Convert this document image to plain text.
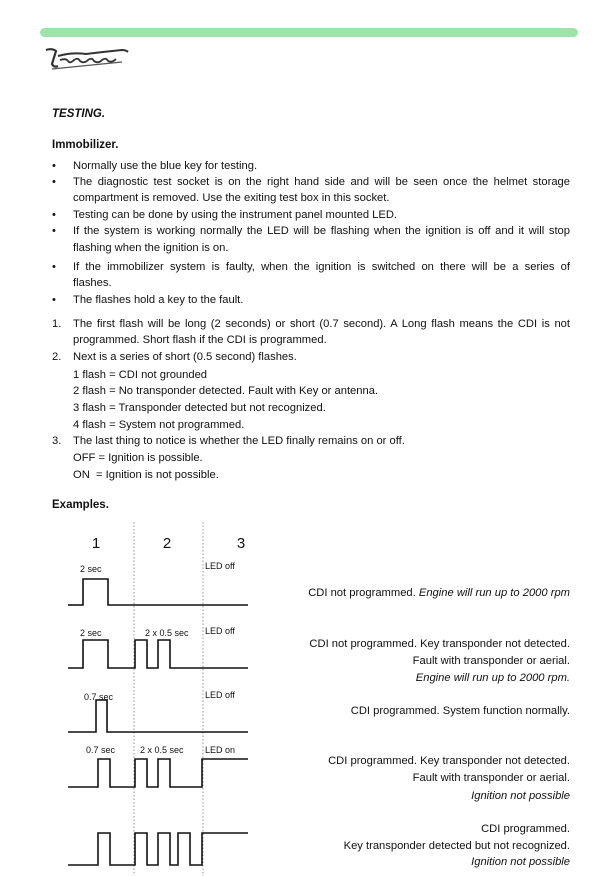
TESTING.
Immobilizer.
• Normally use the blue key for testing.
• The diagnostic test socket is on the right hand side and will be seen once the helmet storage
compartment is removed. Use the exiting test box in this socket.
• Testing can be done by using the instrument panel mounted LED.
• If the system is working normally the LED will be flashing when the ignition is off and it will stop
flashing when the ignition is on.
• If the immobilizer system is faulty, when the ignition is switched on there will be a series of
flashes.
• The flashes hold a key to the fault.
1. The first flash will be long (2 seconds) or short (0.7 second). A Long flash means the CDI is not
programmed. Short flash if the CDI is programmed.
2. Next is a series of short (0.5 second) flashes.
1 flash = CDI not grounded
2 flash = No transponder detected. Fault with Key or antenna.
3 flash = Transponder detected but not recognized.
4 flash = System not programmed.
3. The last thing to notice is whether the LED finally remains on or off.
OFF = Ignition is possible.
ON  = Ignition is not possible.
Examples.
1	2	3
2 sec	LED off
2 sec	2 x 0.5 sec LED off
0.7 sec	LED off
0.7 sec	2 x 0.5 sec LED on
CDI not programmed. Engine will run up to 2000 rpm
CDI not programmed. Key transponder not detected.
Fault with transponder or aerial.
Engine will run up to 2000 rpm.
CDI programmed. System function normally.
CDI programmed. Key transponder not detected.
Fault with transponder or aerial.
Ignition not possible
CDI programmed.
Key transponder detected but not recognized.
Ignition not possible
